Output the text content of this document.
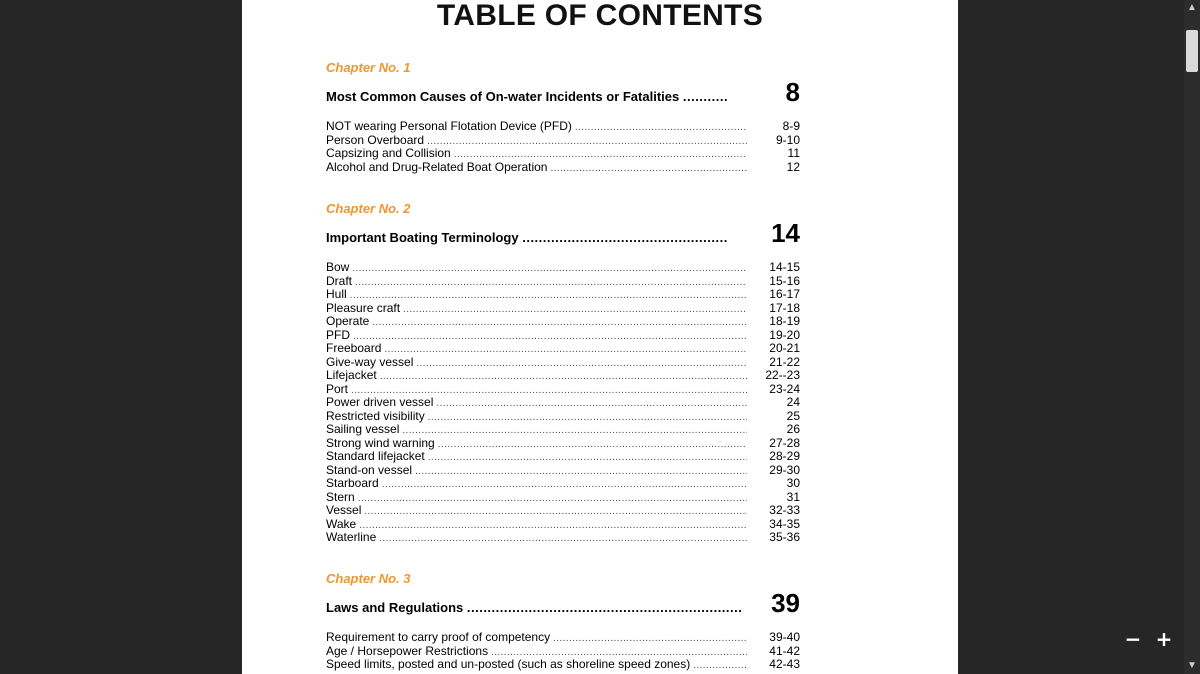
TABLE OF CONTENTS
Chapter No. 1
Most Common Causes of On-water Incidents or Fatalities ...........	8
NOT wearing Personal Flotation Device (PFD) .....	8-9
Person Overboard .....	9-10
Capsizing and Collision .....	11
Alcohol and Drug-Related Boat Operation .....	12
Chapter No. 2
Important Boating Terminology ..................................................	14
Bow .....	14-15
Draft .....	15-16
Hull .....	16-17
Pleasure craft .....	17-18
Operate .....	18-19
PFD .....	19-20
Freeboard .....	20-21
Give-way vessel .....	21-22
Lifejacket .....	22--23
Port .....	23-24
Power driven vessel .....	24
Restricted visibility .....	25
Sailing vessel .....	26
Strong wind warning .....	27-28
Standard lifejacket .....	28-29
Stand-on vessel .....	29-30
Starboard .....	30
Stern .....	31
Vessel .....	32-33
Wake .....	34-35
Waterline .....	35-36
Chapter No. 3
Laws and Regulations ................................................................... 39
Requirement to carry proof of competency .....	39-40
Age / Horsepower Restrictions .....	41-42
Speed limits, posted and un-posted (such as shoreline speed zones) .....	42-43
▲
▼
− +
